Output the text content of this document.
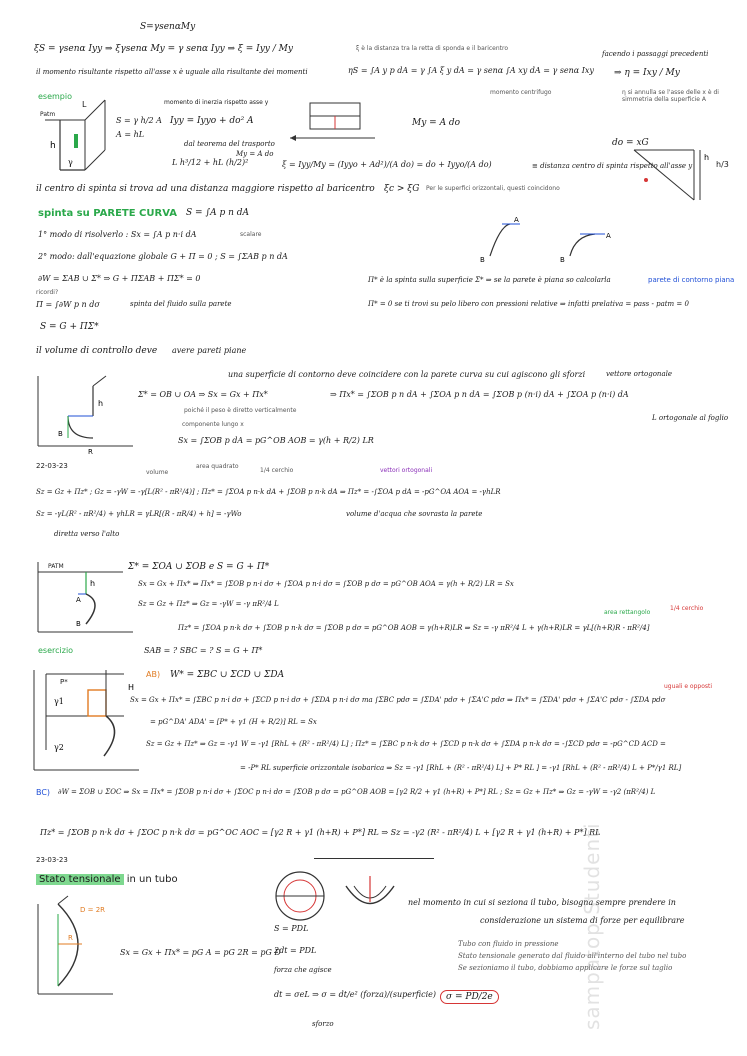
S=γsenαMy
ξS = γsenα Iyy ⇒ ξγsenα My = γ senα Iyy ⇒ ξ = Iyy / My	ξ è la distanza tra la retta di sponda e il baricentro
il momento risultante rispetto all'asse x è uguale alla risultante dei momenti	ηS = ∫A y p dA = γ ∫A ξ y dA = γ senα ∫A xy dA = γ senα Ixy
momento centrifugo
facendo i passaggi precedenti
⇒ η = Ixy / My
η si annulla se l'asse delle x è di simmetria della superficie A
esempio
Patm
h
γ
L
S = γ h/2 A
A = hL
momento di inerzia rispetto asse y
Iyy = Iyyo + do² A
dal teorema del trasporto
L h³/12 + hL (h/2)²
My = A do
My = A do
ξ = Iyy/My = (Iyyo + Ad²)/(A do) = do + Iyyo/(A do)	≡ distanza centro di spinta rispetto all'asse y
do = xG
h
h/3
il centro di spinta si trova ad una distanza maggiore rispetto al baricentro ξc > ξG Per le superfici orizzontali, questi coincidono
spinta su PARETE CURVA S = ∫A p n dA
1° modo di risolverlo : Sx = ∫A p n·i dA	scalare
2° modo: dall'equazione globale G + Π = 0 ; S = ∫ΣAB p n dA	B
A
B
A
∂W = ΣAB ∪ Σ* ⇒ G + ΠΣAB + ΠΣ* = 0
ricordi?
Π = ∫∂W p n dσ	spinta del fluido sulla parete
Π* è la spinta sulla superficie Σ* ⇒ se la parete è piana so calcolarla	parete di contorno piana
Π* = 0 se ti trovi su pelo libero con pressioni relative ⇒ infatti prelativa = pass - patm = 0
S = G + ΠΣ*
il volume di controllo deve avere pareti piane
una superficie di contorno deve coincidere con la parete curva su cui agiscono gli sforzi	vettore ortogonale
h
B
R
Σ* = OB ∪ OA ⇒ Sx = Gx + Πx*
poiché il peso è diretto verticalmente
⇒ Πx* = ∫ΣOB p n dA + ∫ΣOA p n dA = ∫ΣOB p (n·i) dA + ∫ΣOA p (n·i) dA
L ortogonale al foglio
componente lungo x
Sx = ∫ΣOB p dA = pG^OB AOB = γ(h + R/2) LR
22-03-23
volume
area quadrato
1/4 cerchio	vettori ortogonali
Sz = Gz + Πz* ; Gz = -γW = -γ[L(R² - πR²/4)] ; Πz* = ∫ΣOA p n·k dA + ∫ΣOB p n·k dA ⇒ Πz* = -∫ΣOA p dA = -pG^OA AOA = -γhLR
Sz = -γL(R² - πR²/4) + γhLR = γLR[(R - πR/4) + h] = -γWo	volume d'acqua che sovrasta la parete
diretta verso l'alto
PATM
h
A
B
Σ* = ΣOA ∪ ΣOB e S = G + Π*
Sx = Gx + Πx* ⇒ Πx* = ∫ΣOB p n·i dσ + ∫ΣOA p n·i dσ = ∫ΣOB p dσ = pG^OB AOA = γ(h + R/2) LR = Sx
Sz = Gz + Πz* ⇒ Gz = -γW = -γ πR²/4 L
area rettangolo
1/4 cerchio
Πz* = ∫ΣOA p n·k dσ + ∫ΣOB p n·k dσ = ∫ΣOB p dσ = pG^OB AOB = γ(h+R)LR ⇒ Sz = -γ πR²/4 L + γ(h+R)LR = γL[(h+R)R - πR²/4]
SAB = ? SBC = ? S = G + Π*
esercizio
γ1
γ2
H
P*
AB) W* = ΣBC ∪ ΣCD ∪ ΣDA
uguali e opposti
Sx = Gx + Πx* = ∫ΣBC p n·i dσ + ∫ΣCD p n·i dσ + ∫ΣDA p n·i dσ ma ∫ΣBC pdσ = ∫ΣDA' pdσ + ∫ΣA'C pdσ ⇒ Πx* = ∫ΣDA' pdσ + ∫ΣA'C pdσ - ∫ΣDA pdσ
= pG^DA' ADA' = [P* + γ1 (H + R/2)] RL = Sx
Sz = Gz + Πz* ⇒ Gz = -γ1 W = -γ1 [RhL + (R² - πR²/4) L] ; Πz* = ∫ΣBC p n·k dσ + ∫ΣCD p n·k dσ + ∫ΣDA p n·k dσ = -∫ΣCD pdσ = -pG^CD ACD =
= -P* RL superficie orizzontale isobarica ⇒ Sz = -γ1 [RhL + (R² - πR²/4) L] + P* RL ] = -γ1 [RhL + (R² - πR²/4) L + P*/γ1 RL]
BC) ∂W = ΣOB ∪ ΣOC ⇒ Sx = Πx* = ∫ΣOB p n·i dσ + ∫ΣOC p n·i dσ = ∫ΣOB p dσ = pG^OB AOB = [γ2 R/2 + γ1 (h+R) + P*] RL ; Sz = Gz + Πz* ⇒ Gz = -γW = -γ2 (πR²/4) L
Πz* = ∫ΣOB p n·k dσ + ∫ΣOC p n·k dσ = pG^OC AOC = [γ2 R + γ1 (h+R) + P*] RL ⇒ Sz = -γ2 (R² - πR²/4) L + [γ2 R + γ1 (h+R) + P*] RL
23-03-23
Stato tensionale in un tubo
R
D = 2R
Sx = Gx + Πx* = pG A = pG 2R = pG D
nel momento in cui si seziona il tubo, bisogna sempre prendere in
considerazione un sistema di forze per equilibrare
S = PDL
2dt = PDL
forza che agisce
dt = σeL ⇒ σ = dt/e² (forza)/(superficie)
sforzo
Tubo con fluido in pressione
Stato tensionale generato dal fluido all'interno del tubo nel tubo
Se sezioniamo il tubo, dobbiamo applicare le forze sul taglio
σ = PD/2e	sampatop Studenti
